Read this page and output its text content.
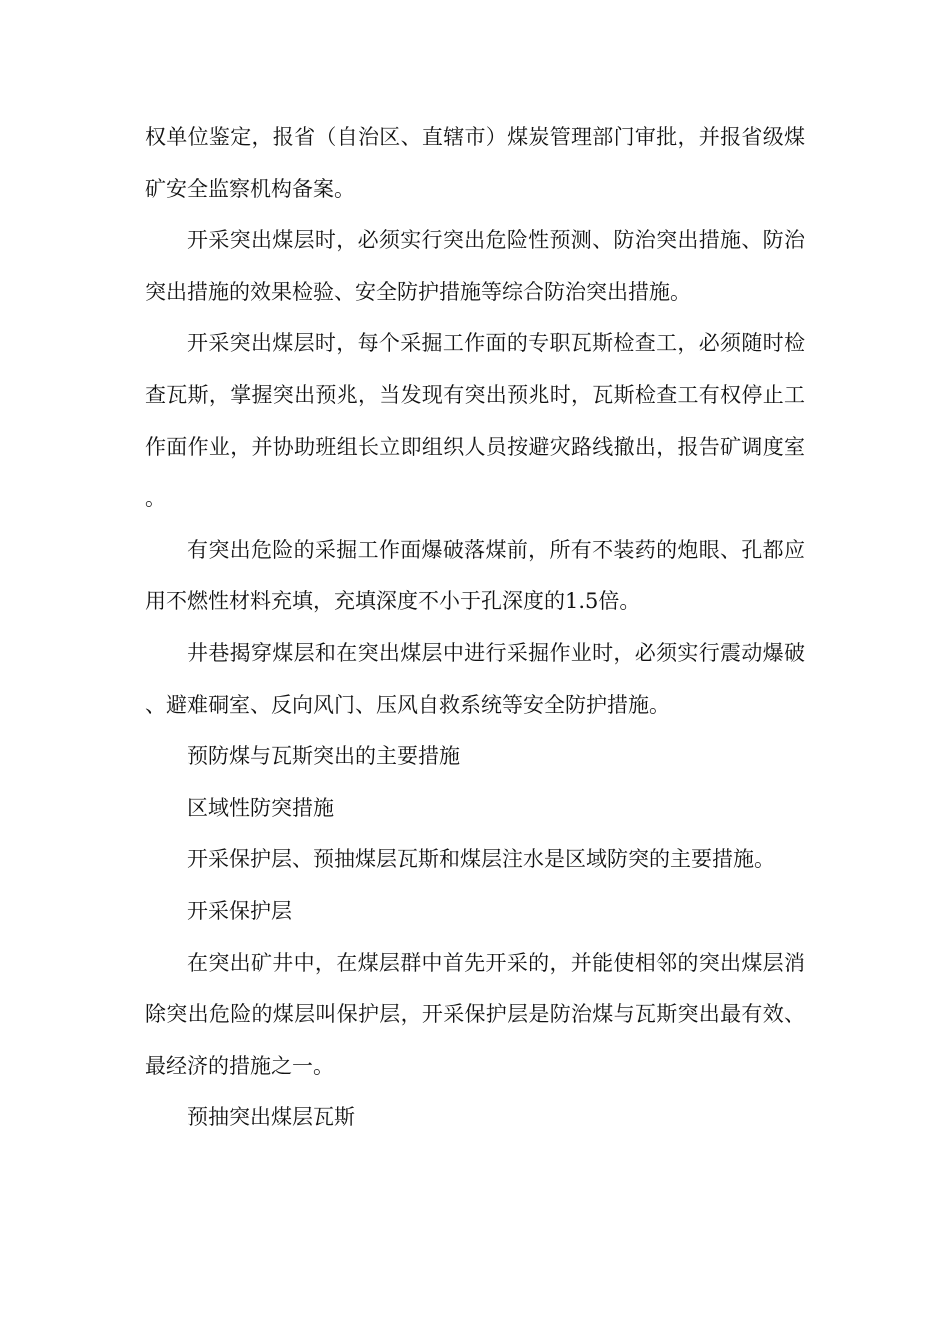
权单位鉴定，报省（自治区、直辖市）煤炭管理部门审批，并报省级煤矿安全监察机构备案。

开采突出煤层时，必须实行突出危险性预测、防治突出措施、防治突出措施的效果检验、安全防护措施等综合防治突出措施。

开采突出煤层时，每个采掘工作面的专职瓦斯检查工，必须随时检查瓦斯，掌握突出预兆，当发现有突出预兆时，瓦斯检查工有权停止工作面作业，并协助班组长立即组织人员按避灾路线撤出，报告矿调度室。

有突出危险的采掘工作面爆破落煤前，所有不装药的炮眼、孔都应用不燃性材料充填，充填深度不小于孔深度的1.5倍。

井巷揭穿煤层和在突出煤层中进行采掘作业时，必须实行震动爆破、避难硐室、反向风门、压风自救系统等安全防护措施。

预防煤与瓦斯突出的主要措施

区域性防突措施

开采保护层、预抽煤层瓦斯和煤层注水是区域防突的主要措施。

开采保护层

在突出矿井中，在煤层群中首先开采的，并能使相邻的突出煤层消除突出危险的煤层叫保护层，开采保护层是防治煤与瓦斯突出最有效、最经济的措施之一。

预抽突出煤层瓦斯
